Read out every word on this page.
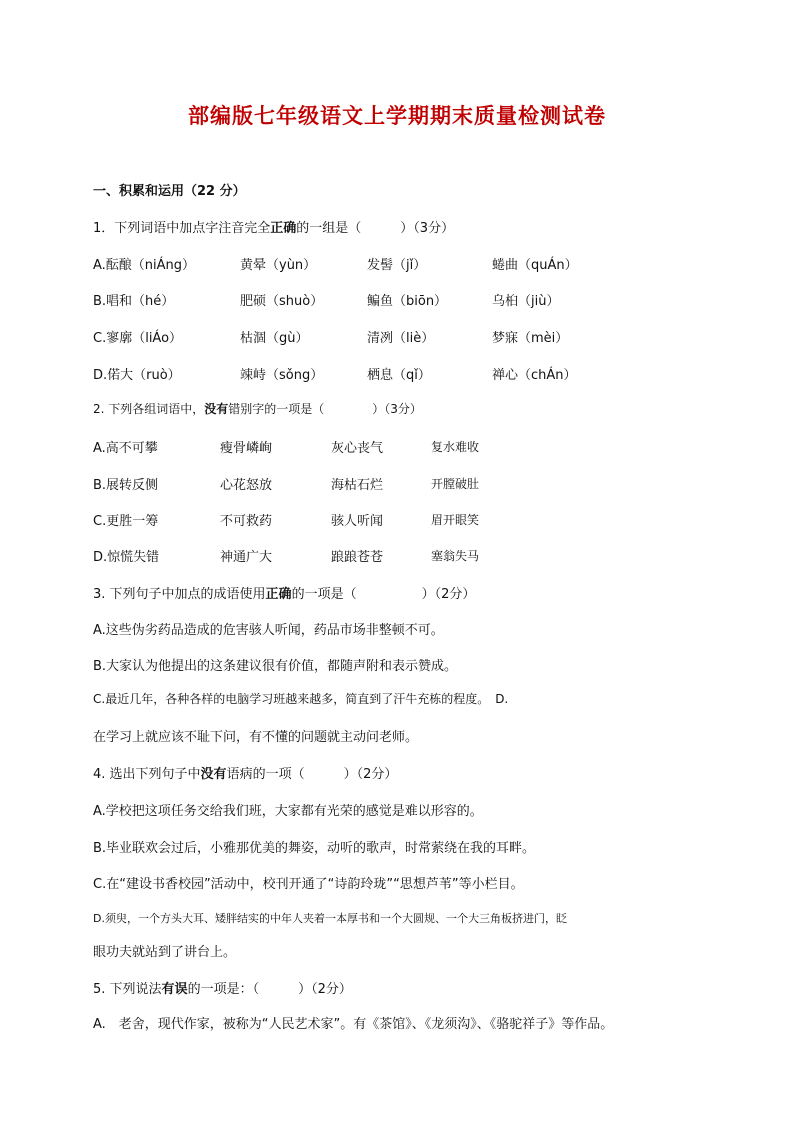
部编版七年级语文上学期期末质量检测试卷
一、积累和运用（22 分）
1．下列词语中加点字注音完全正确的一组是（　　　）（3分）
A.酝酿（niÁng）	黄晕（yùn）	发髻（jǐ）	蜷曲（quÁn）
B.唱和（hé）	肥硕（shuò）	鳊鱼（biōn）	乌桕（jiù）
C.寥廓（liÁo）	枯涸（gù）	清冽（liè）	梦寐（mèi）
D.偌大（ruò）	竦峙（sǒng）	栖息（qǐ）	禅心（chÁn）
2. 下列各组词语中，没有错别字的一项是（　　　　）（3分）
A.高不可攀	瘦骨嶙峋	灰心丧气	复水难收
B.展转反侧	心花怒放	海枯石烂	开膛破肚
C.更胜一筹	不可救药	骇人听闻	眉开眼笑
D.惊慌失错	神通广大	踉踉苍苍	塞翁失马
3. 下列句子中加点的成语使用正确的一项是（　　　　　）（2分）
A.这些伪劣药品造成的危害骇人听闻，药品市场非整顿不可。
B.大家认为他提出的这条建议很有价值，都随声附和表示赞成。
C.最近几年，各种各样的电脑学习班越来越多，简直到了汗牛充栋的程度。　D.
在学习上就应该不耻下问，有不懂的问题就主动问老师。
4. 选出下列句子中没有语病的一项（　　　）（2分）
A.学校把这项任务交给我们班，大家都有光荣的感觉是难以形容的。
B.毕业联欢会过后，小雅那优美的舞姿，动听的歌声，时常萦绕在我的耳畔。
C.在“建设书香校园”活动中，校刊开通了“诗韵玲珑”“思想芦苇”等小栏目。
D.须臾，一个方头大耳、矮胖结实的中年人夹着一本厚书和一个大圆规、一个大三角板挤进门，眨
眼功夫就站到了讲台上。
5. 下列说法有误的一项是：（　　　）（2分）
A.　老舍，现代作家，被称为“人民艺术家”。有《茶馆》、《龙须沟》、《骆驼祥子》等作品。
